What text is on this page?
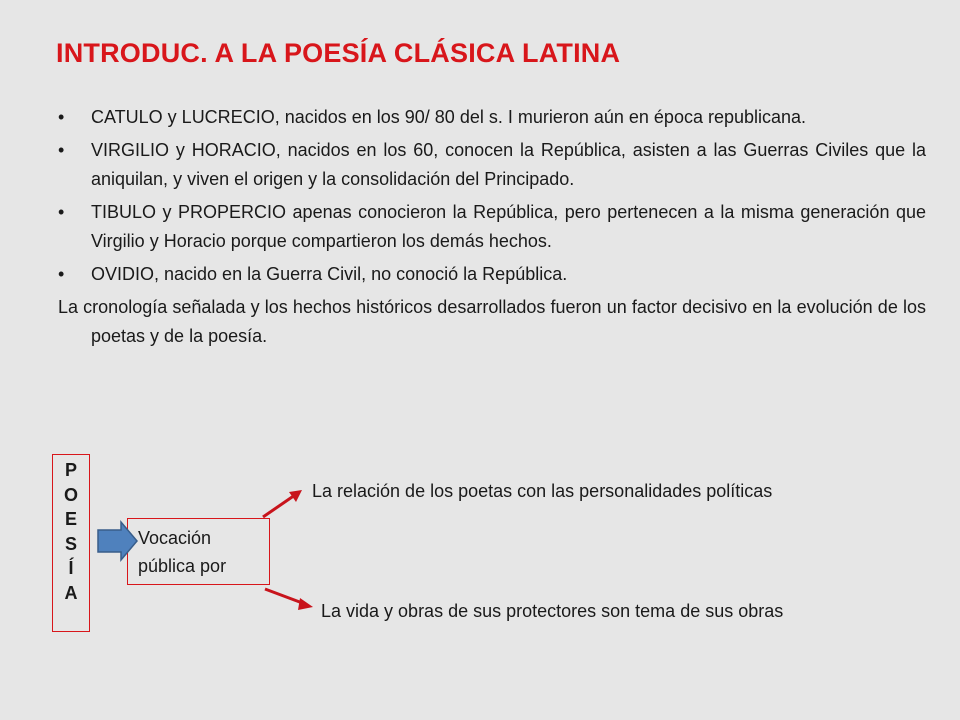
INTRODUC. A LA POESÍA CLÁSICA LATINA
• CATULO y LUCRECIO, nacidos en los 90/ 80 del s. I murieron aún en época republicana.
• VIRGILIO y HORACIO, nacidos en los 60, conocen la República, asisten a las Guerras Civiles que la aniquilan, y viven el origen y la consolidación del Principado.
• TIBULO y PROPERCIO apenas conocieron la República, pero pertenecen a la misma generación que Virgilio y Horacio porque compartieron los demás hechos.
• OVIDIO, nacido en la Guerra Civil, no conoció la República.
La cronología señalada y los hechos históricos desarrollados fueron un factor decisivo en la evolución de los poetas y de la poesía.
P
O
E
S
Í
A
Vocación
pública por
La relación de los poetas con las personalidades políticas
La vida y obras de sus protectores son tema de sus obras
